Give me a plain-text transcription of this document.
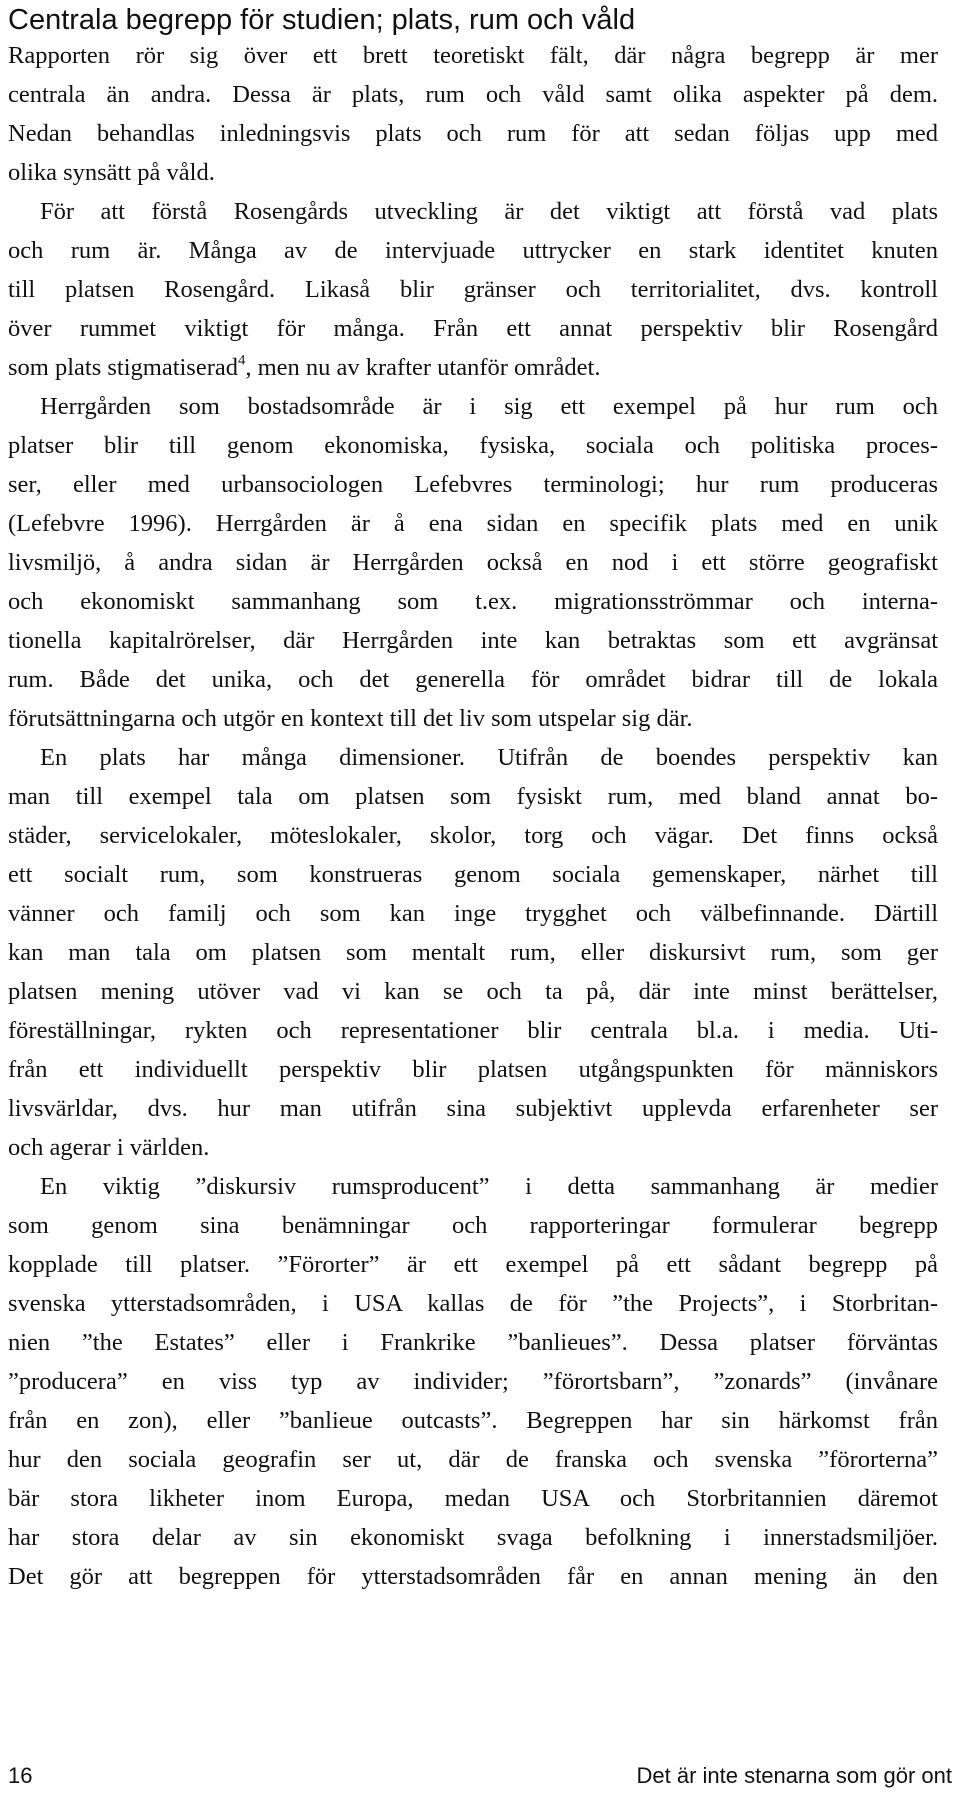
Centrala begrepp för studien; plats, rum och våld
Rapporten rör sig över ett brett teoretiskt fält, där några begrepp är mer
centrala än andra. Dessa är plats, rum och våld samt olika aspekter på dem.
Nedan behandlas inledningsvis plats och rum för att sedan följas upp med
olika synsätt på våld.
För att förstå Rosengårds utveckling är det viktigt att förstå vad plats
och rum är. Många av de intervjuade uttrycker en stark identitet knuten
till platsen Rosengård. Likaså blir gränser och territorialitet, dvs. kontroll
över rummet viktigt för många. Från ett annat perspektiv blir Rosengård
som plats stigmatiserad$^4$, men nu av krafter utanför området.
Herrgården som bostadsområde är i sig ett exempel på hur rum och
platser blir till genom ekonomiska, fysiska, sociala och politiska proces-
ser, eller med urbansociologen Lefebvres terminologi; hur rum produceras
(Lefebvre 1996). Herrgården är å ena sidan en specifik plats med en unik
livsmiljö, å andra sidan är Herrgården också en nod i ett större geografiskt
och ekonomiskt sammanhang som t.ex. migrationsströmmar och interna-
tionella kapitalrörelser, där Herrgården inte kan betraktas som ett avgränsat
rum. Både det unika, och det generella för området bidrar till de lokala
förutsättningarna och utgör en kontext till det liv som utspelar sig där.
En plats har många dimensioner. Utifrån de boendes perspektiv kan
man till exempel tala om platsen som fysiskt rum, med bland annat bo-
städer, servicelokaler, möteslokaler, skolor, torg och vägar. Det finns också
ett socialt rum, som konstrueras genom sociala gemenskaper, närhet till
vänner och familj och som kan inge trygghet och välbefinnande. Därtill
kan man tala om platsen som mentalt rum, eller diskursivt rum, som ger
platsen mening utöver vad vi kan se och ta på, där inte minst berättelser,
föreställningar, rykten och representationer blir centrala bl.a. i media. Uti-
från ett individuellt perspektiv blir platsen utgångspunkten för människors
livsvärldar, dvs. hur man utifrån sina subjektivt upplevda erfarenheter ser
och agerar i världen.
En viktig ”diskursiv rumsproducent” i detta sammanhang är medier
som genom sina benämningar och rapporteringar formulerar begrepp
kopplade till platser. ”Förorter” är ett exempel på ett sådant begrepp på
svenska ytterstadsområden, i USA kallas de för ”the Projects”, i Storbritan-
nien ”the Estates” eller i Frankrike ”banlieues”. Dessa platser förväntas
”producera” en viss typ av individer; ”förortsbarn”, ”zonards” (invånare
från en zon), eller ”banlieue outcasts”. Begreppen har sin härkomst från
hur den sociala geografin ser ut, där de franska och svenska ”förorterna”
bär stora likheter inom Europa, medan USA och Storbritannien däremot
har stora delar av sin ekonomiskt svaga befolkning i innerstadsmiljöer.
Det gör att begreppen för ytterstadsområden får en annan mening än den
16	Det är inte stenarna som gör ont
